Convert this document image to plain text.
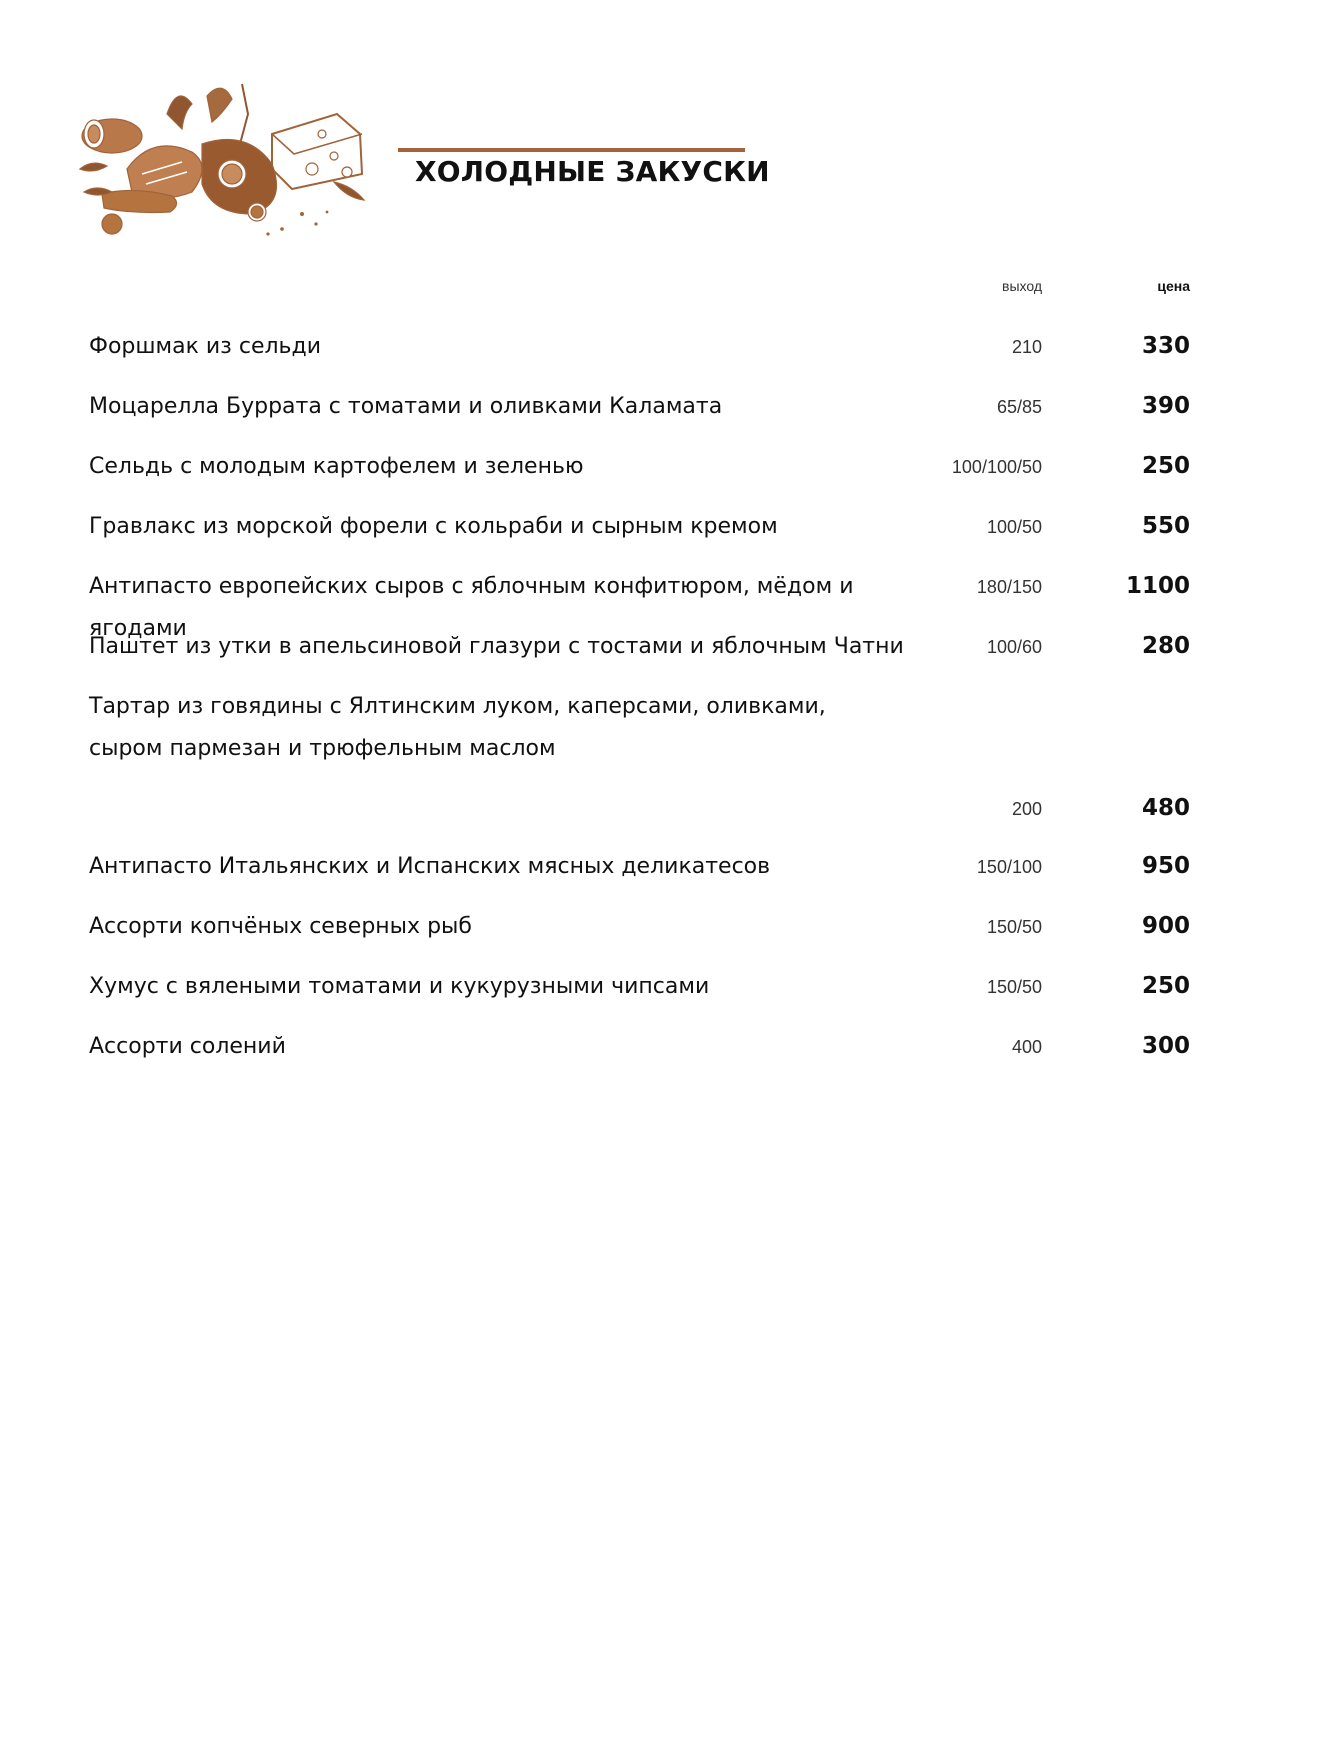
ХОЛОДНЫЕ ЗАКУСКИ
выход	цена
Форшмак из сельди	210	330
Моцарелла Буррата с томатами и оливками Каламата	65/85	390
Сельдь с молодым картофелем и зеленью	100/100/50	250
Гравлакс из морской форели с кольраби и сырным кремом	100/50	550
Антипасто европейских сыров с яблочным конфитюром, мёдом и ягодами
180/150	1100
Паштет из утки в апельсиновой глазури с тостами и яблочным Чатни	100/60	280
Тартар из говядины с Ялтинским луком, каперсами, оливками,
сыром пармезан и трюфельным маслом
200	480
Антипасто Итальянских и Испанских мясных деликатесов	150/100	950
Ассорти копчёных северных рыб	150/50	900
Хумус с вялеными томатами и кукурузными чипсами	150/50	250
Ассорти солений	400	300
